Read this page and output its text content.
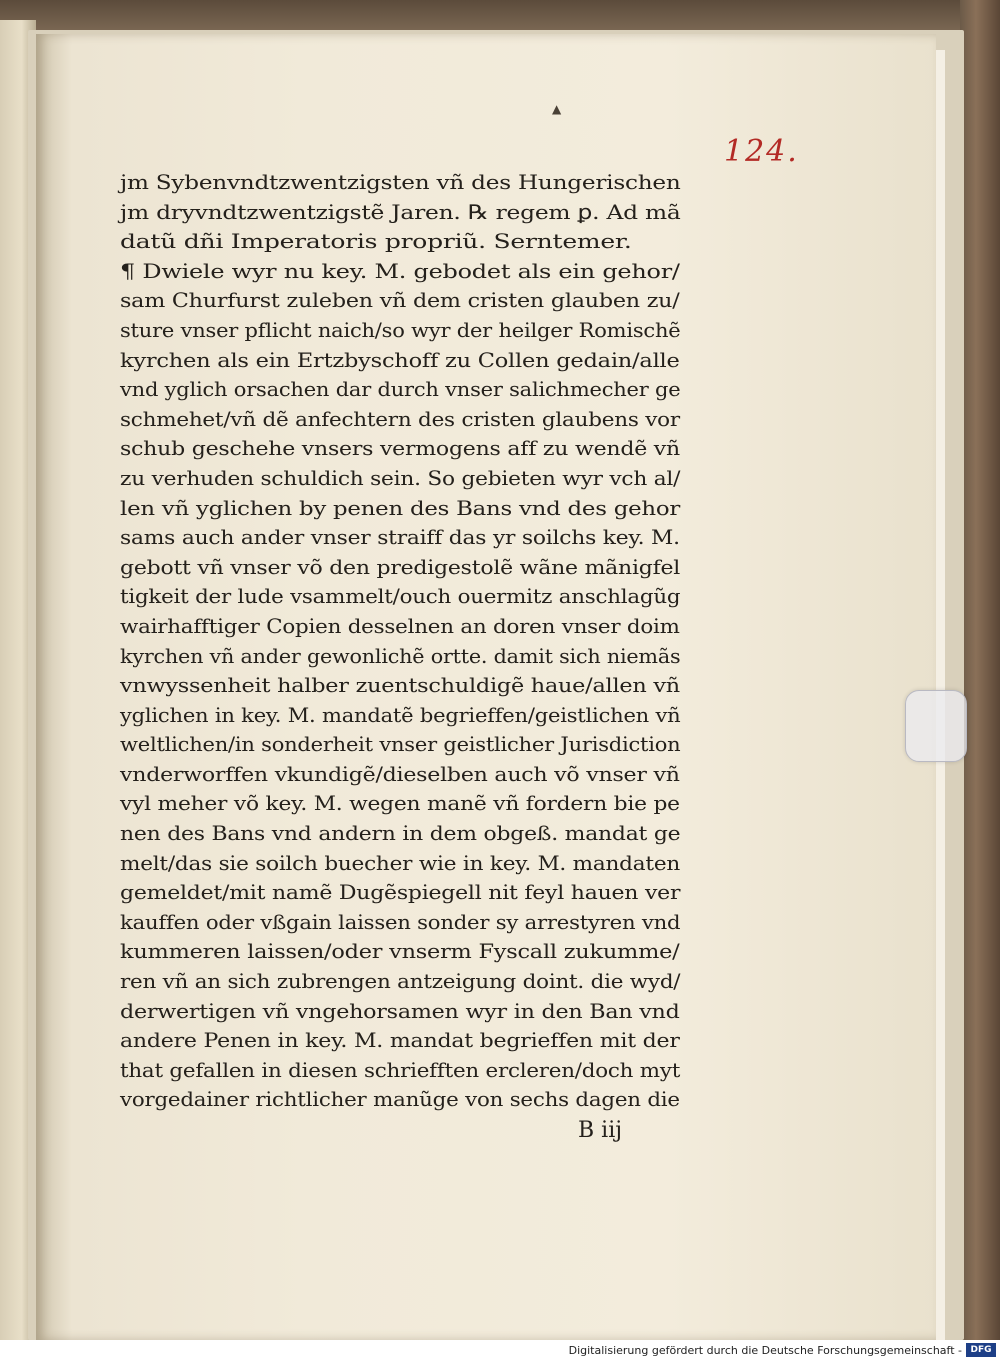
▲
124.
jm Sybenvndtzwentzigsten vñ des Hungerischen
jm dryvndtzwentzigstẽ Jaren. ℞ regem ꝑ. Ad mã
datũ dñi Imperatoris propriũ. Serntemer.
¶ Dwiele wyr nu key. M. gebodet als ein gehor/
sam Churfurst zuleben vñ dem cristen glauben zu/
sture vnser pflicht naich/so wyr der heilger Romischẽ
kyrchen als ein Ertzbyschoff zu Collen gedain/alle
vnd yglich orsachen dar durch vnser salichmecher ge
schmehet/vñ dẽ anfechtern des cristen glaubens vor
schub geschehe vnsers vermogens aff zu wendẽ vñ
zu verhuden schuldich sein. So gebieten wyr vch al/
len vñ yglichen by penen des Bans vnd des gehor
sams auch ander vnser straiff das yr soilchs key. M.
gebott vñ vnser võ den predigestolẽ wãne mãnigfel
tigkeit der lude vsammelt/ouch ouermitz anschlagũg
wairhafftiger Copien desselnen an doren vnser doim
kyrchen vñ ander gewonlichẽ ortte. damit sich niemãs
vnwyssenheit halber zuentschuldigẽ haue/allen vñ
yglichen in key. M. mandatẽ begrieffen/geistlichen vñ
weltlichen/in sonderheit vnser geistlicher Jurisdiction
vnderworffen vkundigẽ/dieselben auch võ vnser vñ
vyl meher võ key. M. wegen manẽ vñ fordern bie pe
nen des Bans vnd andern in dem obgeß. mandat ge
melt/das sie soilch buecher wie in key. M. mandaten
gemeldet/mit namẽ Dugẽspiegell nit feyl hauen ver
kauffen oder vßgain laissen sonder sy arrestyren vnd
kummeren laissen/oder vnserm Fyscall zukumme/
ren vñ an sich zubrengen antzeigung doint. die wyd/
derwertigen vñ vngehorsamen wyr in den Ban vnd
andere Penen in key. M. mandat begrieffen mit der
that gefallen in diesen schriefften ercleren/doch myt
vorgedainer richtlicher manũge von sechs dagen die
B iij
Digitalisierung gefördert durch die Deutsche Forschungsgemeinschaft - DFG
